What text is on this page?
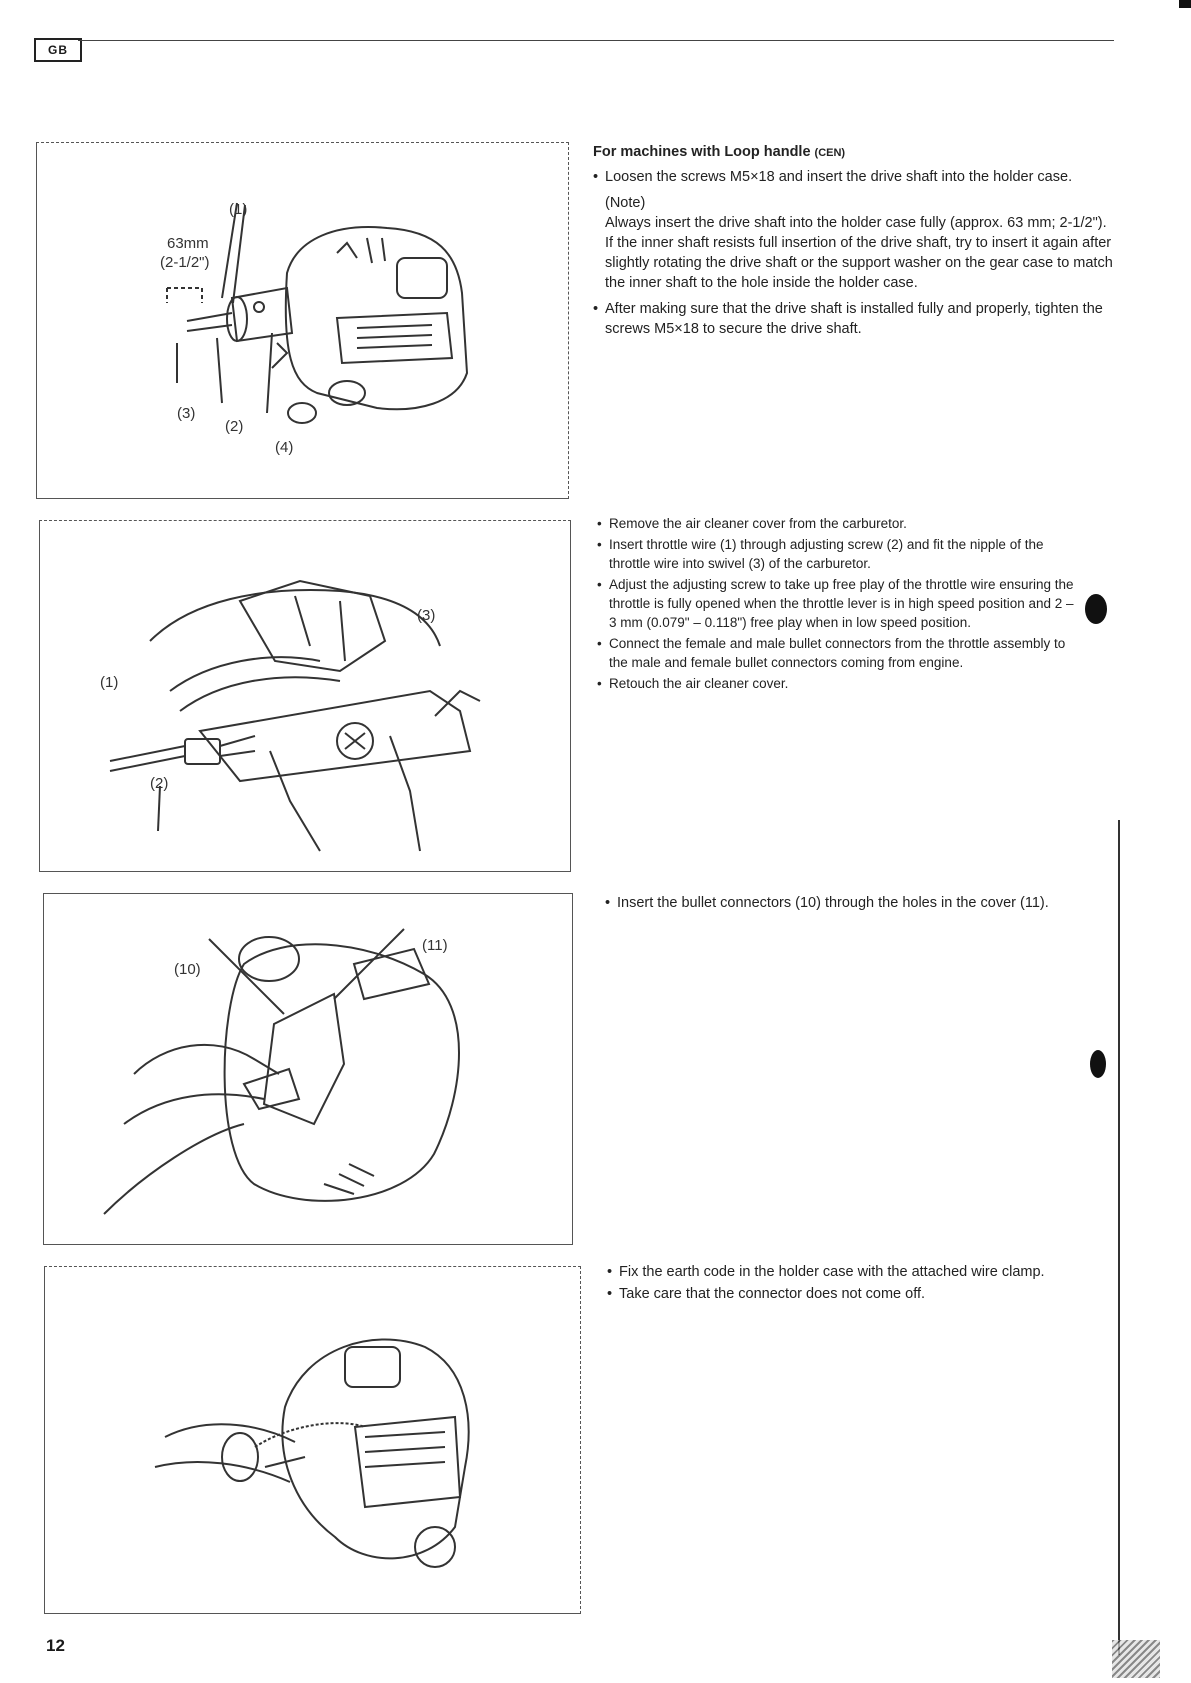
GB
(1)
63mm
(2-1/2")
(3)
(2)
(4)

For machines with Loop handle (CEN)

• Loosen the screws M5×18 and insert the drive shaft into the holder case.

(Note)

Always insert the drive shaft into the holder case fully (approx. 63 mm; 2-1/2"). If the inner shaft resists full insertion of the drive shaft, try to insert it again after slightly rotating the drive shaft or the support washer on the gear case to match the inner shaft to the hole inside the holder case.

• After making sure that the drive shaft is installed fully and properly, tighten the screws M5×18 to secure the drive shaft.

(1)
(2)
(3)

• Remove the air cleaner cover from the carburetor.

• Insert throttle wire (1) through adjusting screw (2) and fit the nipple of the throttle wire into swivel (3) of the carburetor.

• Adjust the adjusting screw to take up free play of the throttle wire ensuring the throttle is fully opened when the throttle lever is in high speed position and 2 – 3 mm (0.079" – 0.118") free play when in low speed position.

• Connect the female and male bullet connectors from the throttle assembly to the male and female bullet connectors coming from engine.

• Retouch the air cleaner cover.

(10)
(11)

• Insert the bullet connectors (10) through the holes in the cover (11).

• Fix the earth code in the holder case with the attached wire clamp.

• Take care that the connector does not come off.

12
